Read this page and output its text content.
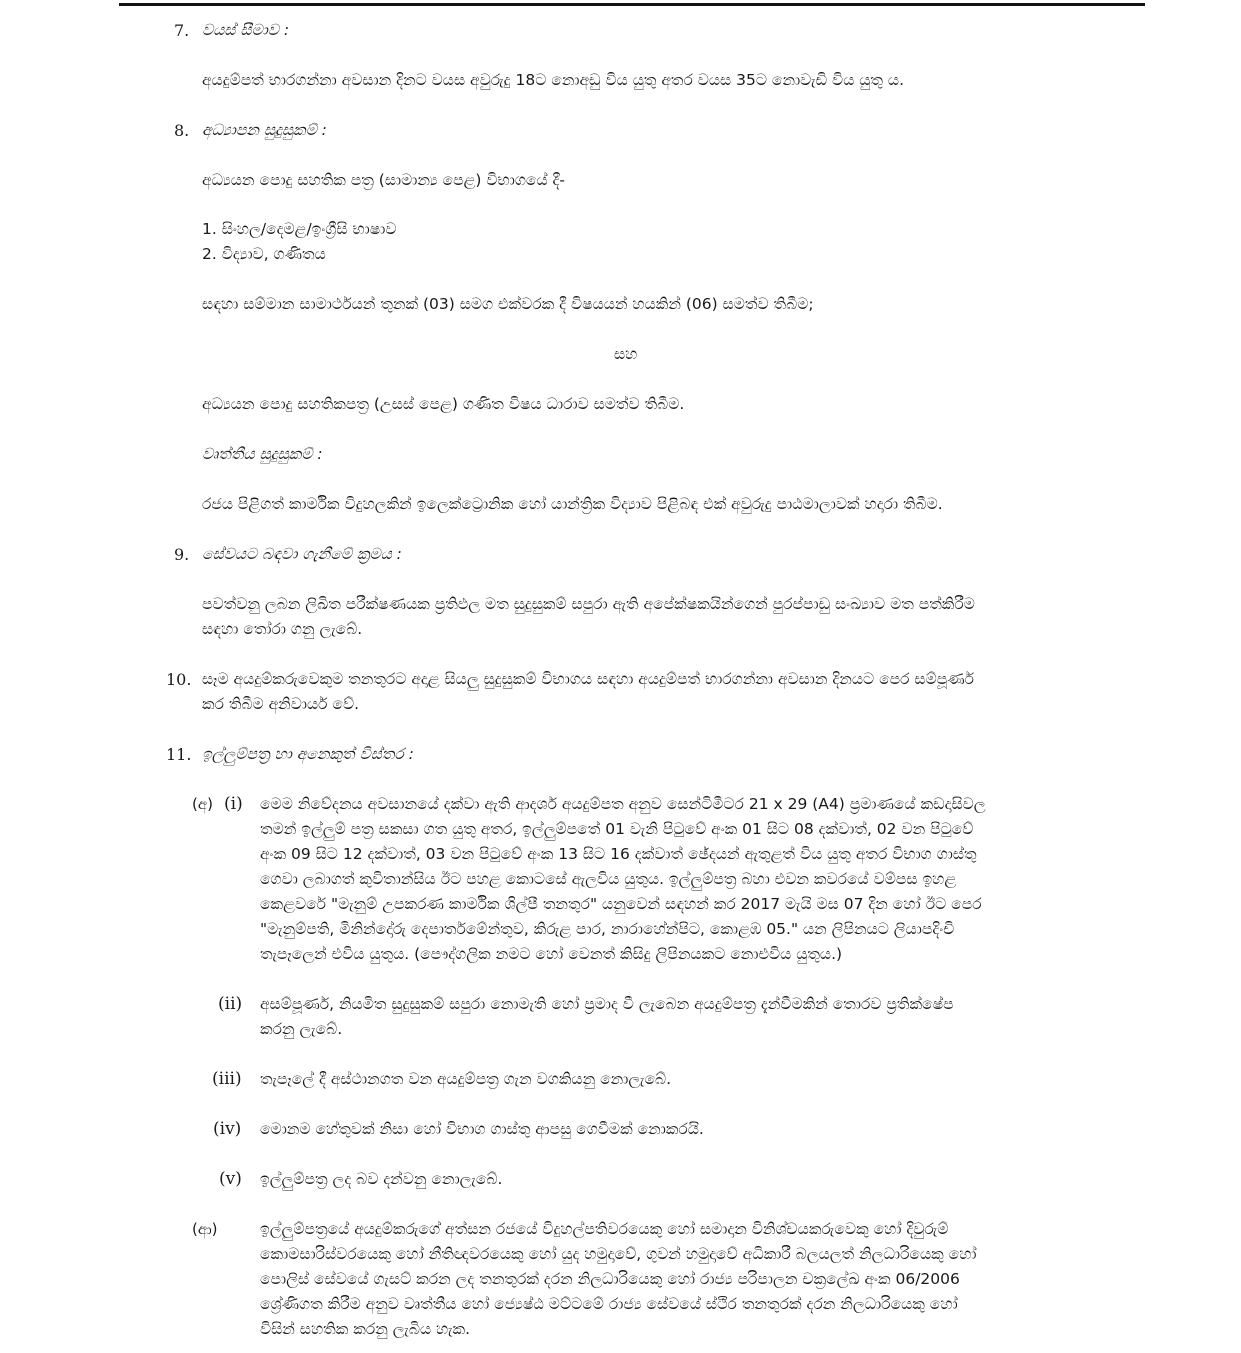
7. වයස් සීමාව :
අයදුම්පත් භාරගන්නා අවසාන දිනට වයස අවුරුදු 18ට නොඅඩු විය යුතු අතර වයස 35ට නොවැඩි විය යුතු ය.
8. අධ්‍යාපන සුදුසුකම් :
අධ්‍යයන පොදු සහතික පත්‍ර (සාමාන්‍ය පෙළ) විභාගයේ දී-
1. සිංහල/දෙමළ/ඉංග්‍රීසි භාෂාව
2. විද්‍යාව, ගණිතය
සඳහා සම්මාන සාමාර්ථයන් තුනක් (03) සමග එක්වරක දී විෂයයන් හයකින් (06) සමත්ව තිබීම;
සහ
අධ්‍යයන පොදු සහතිකපත්‍ර (උසස් පෙළ) ගණිත විෂය ධාරාව සමත්ව තිබීම.
වෘත්තීය සුදුසුකම් :
රජය පිළිගත් කාර්මික විදුහලකින් ඉලෙක්ට්‍රොනික හෝ යාන්ත්‍රික විද්‍යාව පිළිබඳ එක් අවුරුදු පාඨමාලාවක් හදාරා තිබීම.
9. සේවයට බඳවා ගැනීමේ ක්‍රමය :
පවත්වනු ලබන ලිඛිත පරීක්ෂණයක ප්‍රතිඵල මත සුදුසුකම් සපුරා ඇති අපේක්ෂකයින්ගෙන් පුරප්පාඩු සංඛ්‍යාව මත පත්කිරීම
සඳහා තෝරා ගනු ලැබේ.
10. සෑම අයදුම්කරුවෙකුම තනතුරට අදාළ සියලු සුදුසුකම් විභාගය සඳහා අයදුම්පත් භාරගන්නා අවසාන දිනයට පෙර සම්පූර්ණ
කර තිබීම අනිවාර්ය වේ.
11. ඉල්ලුම්පත්‍ර හා අනෙකුත් විස්තර :
(අ) (i) මෙම නිවේදනය අවසානයේ දක්වා ඇති ආදර්ශ අයදුම්පත අනුව සෙන්ටිමීටර 21 x 29 (A4) ප්‍රමාණයේ කඩදාසිවල
තමන් ඉල්ලුම් පත්‍ර සකසා ගත යුතු අතර, ඉල්ලුම්පතේ 01 වැනි පිටුවේ අංක 01 සිට 08 දක්වාත්, 02 වන පිටුවේ
අංක 09 සිට 12 දක්වාත්, 03 වන පිටුවේ අංක 13 සිට 16 දක්වාත් ඡේදයන් ඇතුළත් විය යුතු අතර විභාග ගාස්තු
ගෙවා ලබාගත් කුවිතාන්සිය ඊට පහළ කොටසේ ඇලවිය යුතුය. ඉල්ලුම්පත්‍ර බහා එවන කවරයේ වම්පස ඉහළ
කෙළවරේ "මැනුම් උපකරණ කාර්මික ශිල්පී තනතුර" යනුවෙන් සඳහන් කර 2017 මැයි මස 07 දින හෝ ඊට පෙර
"මැනුම්පති, මිනින්දෝරු දෙපාර්තමේන්තුව, කිරුළ පාර, නාරාහේන්පිට, කොළඹ 05." යන ලිපිනයට ලියාපදිංචි
තැපෑලෙන් එවිය යුතුය. (පෞද්ගලික නමට හෝ වෙනත් කිසිදු ලිපිනයකට නොඑවිය යුතුය.)
(ii) අසම්පූර්ණ, නියමිත සුදුසුකම් සපුරා නොමැති හෝ ප්‍රමාද වී ලැබෙන අයදුම්පත්‍ර දැන්වීමකින් තොරව ප්‍රතික්ෂේප
කරනු ලැබේ.
(iii) තැපෑලේ දී අස්ථානගත වන අයදුම්පත්‍ර ගැන වගකියනු නොලැබේ.
(iv) මොනම හේතුවක් නිසා හෝ විභාග ගාස්තු ආපසු ගෙවීමක් නොකරයි.
(v) ඉල්ලුම්පත්‍ර ලද බව දන්වනු නොලැබේ.
(ආ)	ඉල්ලුම්පත්‍රයේ අයදුම්කරුගේ අත්සන රජයේ විදුහල්පතිවරයෙකු හෝ සමාදාන විනිශ්චයකරුවෙකු හෝ දිවුරුම්
කොමසාරිස්වරයෙකු හෝ නීතිඥවරයෙකු හෝ යුද හමුදාවේ, ගුවන් හමුදාවේ අධිකාරී බලයලත් නිලධාරියෙකු හෝ
පොලිස් සේවයේ ගැසට් කරන ලද තනතුරක් දරන නිලධාරියෙකු හෝ රාජ්‍ය පරිපාලන චක්‍රලේඛ අංක 06/2006
ශ්‍රේණිගත කිරීම අනුව වෘත්තීය හෝ ජ්‍යෙෂ්ඨ මට්ටමේ රාජ්‍ය සේවයේ ස්ථිර තනතුරක් දරන නිලධාරියෙකු හෝ
විසින් සහතික කරනු ලැබිය හැක.
